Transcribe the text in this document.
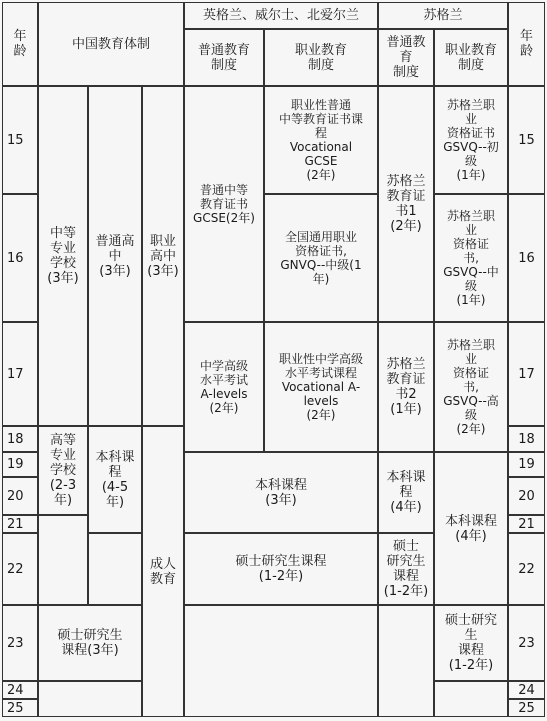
年
龄	中国教育体制
英格兰、威尔士、北爱尔兰	苏格兰
普通教育
制度
职业教育
制度
普通教
育
制度
职业教育
制度
年
龄
15
16
17
18
19
20
21
22
23
24
25
中等
专业
学校
(3年)
普通高
中
(3年)
职业
高中
(3年)
高等
专业
学校
(2-3
年)
本科课
程
(4-5
年)
成人
教育
硕士研究生
课程(3年)
普通中等
教育证书
GCSE(2年)
中学高级
水平考试
A-levels
(2年)
职业性普通
中等教育证书课
程
Vocational
GCSE
(2年)
全国通用职业
资格证书,
GNVQ--中级(1
年)
职业性中学高级
水平考试课程
Vocational A-
levels
(2年)
本科课程
(3年)
硕士研究生课程
(1-2年)
苏格兰
教育证
书1
(2年)
苏格兰
教育证
书2
(1年)
本科课
程
(4年)
硕士
研究生
课程
(1-2年)
苏格兰职
业
资格证书
GSVQ--初
级
(1年)
苏格兰职
业
资格证
书,
GSVQ--中
级
(1年)
苏格兰职
业
资格证
书,
GSVQ--高
级
(2年)
本科课程
(4年)
硕士研究
生
课程
(1-2年)
15
16
17
18
19
20
21
22
23
24
25
